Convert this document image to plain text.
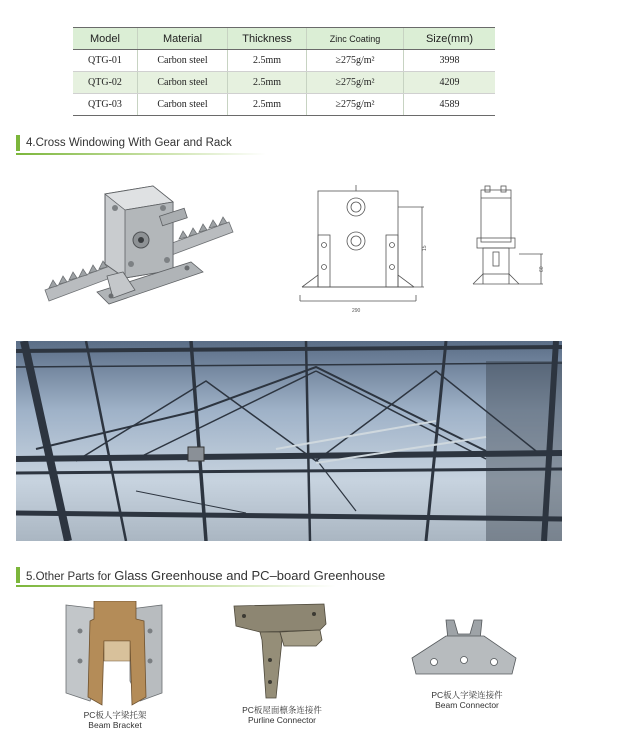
Model	Material	Thickness	Zinc Coating	Size(mm)
QTG-01	Carbon steel	2.5mm	≥275g/m²	3998
QTG-02	Carbon steel	2.5mm	≥275g/m²	4209
QTG-03	Carbon steel	2.5mm	≥275g/m²	4589
4.Cross Windowing With Gear and Rack
290
15
60
5.Other Parts for Glass Greenhouse and PC–board Greenhouse
PC板人字梁托架
Beam Bracket
PC板屋面檩条连接件
Purline Connector
PC板人字梁连接件
Beam Connector
